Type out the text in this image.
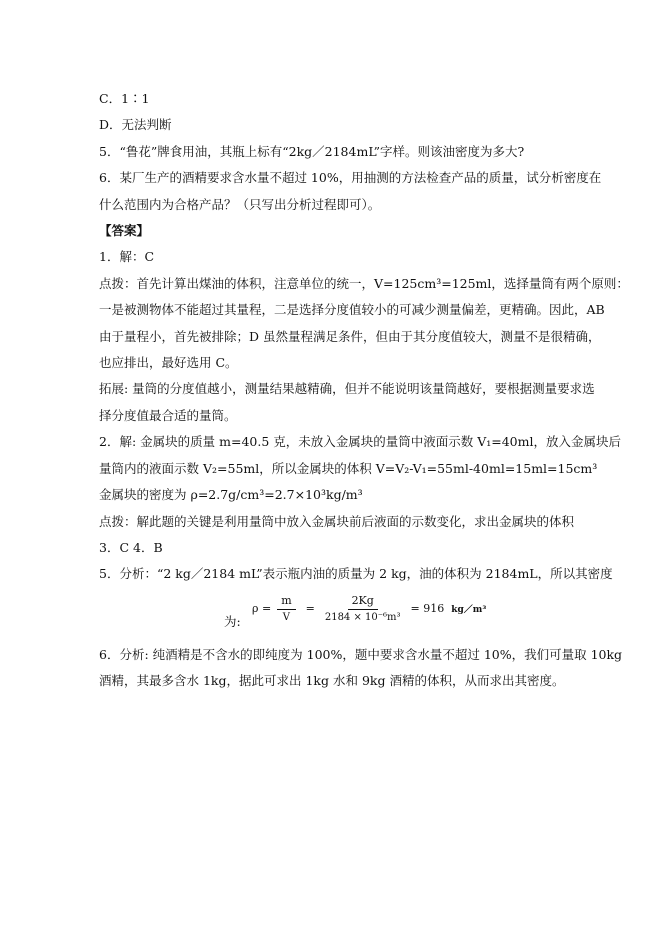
C．1∶1
D．无法判断
5．“鲁花”牌食用油，其瓶上标有“2kg／2184mL”字样。则该油密度为多大?
6．某厂生产的酒精要求含水量不超过 10%，用抽测的方法检查产品的质量，试分析密度在
什么范围内为合格产品？（只写出分析过程即可）。
【答案】
1．解：C
点拨：首先计算出煤油的体积，注意单位的统一，V=125cm³=125ml，选择量筒有两个原则：
一是被测物体不能超过其量程，二是选择分度值较小的可减少测量偏差，更精确。因此，AB
由于量程小，首先被排除；D 虽然量程满足条件，但由于其分度值较大，测量不是很精确，
也应排出，最好选用 C。
拓展: 量筒的分度值越小，测量结果越精确，但并不能说明该量筒越好，要根据测量要求选
择分度值最合适的量筒。
2．解: 金属块的质量 m=40.5 克，未放入金属块的量筒中液面示数 V₁=40ml，放入金属块后
量筒内的液面示数 V₂=55ml，所以金属块的体积 V=V₂-V₁=55ml-40ml=15ml=15cm³
金属块的密度为 ρ=2.7g/cm³=2.7×10³kg/m³
点拨：解此题的关键是利用量筒中放入金属块前后液面的示数变化，求出金属块的体积
3．C 4．B
5．分析：“2 kg／2184 mL”表示瓶内油的质量为 2 kg，油的体积为 2184mL，所以其密度
为:
$\rho = \frac{m}{V} = \frac{2Kg}{\text{2184 × 10⁻⁶m³}} = 916$ kg／m³
6．分析: 纯酒精是不含水的即纯度为 100%，题中要求含水量不超过 10%，我们可量取 10kg
酒精，其最多含水 1kg，据此可求出 1kg 水和 9kg 酒精的体积，从而求出其密度。
